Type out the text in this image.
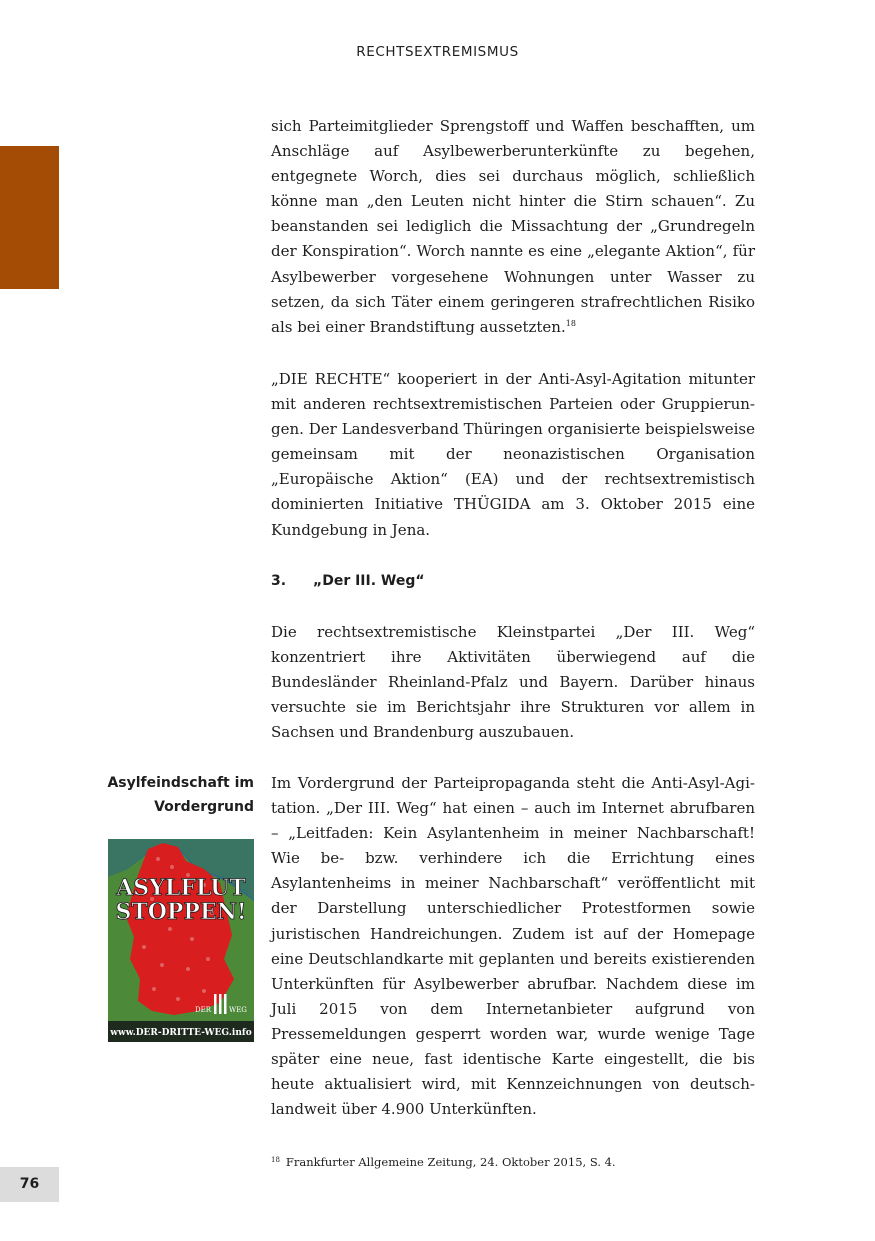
RECHTSEXTREMISMUS

sich Parteimitglieder Sprengstoff und Waffen beschafften, um Anschläge auf Asylbewerberunterkünfte zu begehen, entgegnete Worch, dies sei durchaus möglich, schließlich könne man „den Leuten nicht hinter die Stirn schauen“. Zu beanstanden sei lediglich die Missachtung der „Grundregeln der Konspiration“. Worch nannte es eine „elegante Aktion“, für Asylbewerber vorgesehene Wohnungen unter Wasser zu setzen, da sich Täter einem geringeren strafrechtlichen Risiko als bei einer Brandstiftung aussetzten.$^{18}$

„DIE RECHTE“ kooperiert in der Anti-Asyl-Agitation mitunter mit anderen rechtsextremistischen Parteien oder Gruppierungen. Der Landesverband Thüringen organisierte beispielsweise gemeinsam mit der neonazistischen Organisation „Europäische Aktion“ (EA) und der rechtsextremistisch dominierten Initiative THÜGIDA am 3. Oktober 2015 eine Kundgebung in Jena.

3. „Der III. Weg“

Die rechtsextremistische Kleinstpartei „Der III. Weg“ konzentriert ihre Aktivitäten überwiegend auf die Bundesländer Rheinland-Pfalz und Bayern. Darüber hinaus versuchte sie im Berichtsjahr ihre Strukturen vor allem in Sachsen und Brandenburg auszubauen.

Asylfeindschaft im
Vordergrund

Im Vordergrund der Parteipropaganda steht die Anti-Asyl-Agitation. „Der III. Weg“ hat einen – auch im Internet abrufbaren – „Leitfaden: Kein Asylantenheim in meiner Nachbarschaft! Wie be- bzw. verhindere ich die Errichtung eines Asylantenheims in meiner Nachbarschaft“ veröffentlicht mit der Darstellung unterschiedlicher Protestformen sowie juristischen Handreichungen. Zudem ist auf der Homepage eine Deutschlandkarte mit geplanten und bereits existierenden Unterkünften für Asylbewerber abrufbar. Nachdem diese im Juli 2015 von dem Internetanbieter aufgrund von Pressemeldungen gesperrt worden war, wurde wenige Tage später eine neue, fast identische Karte eingestellt, die bis heute aktualisiert wird, mit Kennzeichnungen von deutschlandweit über 4.900 Unterkünften.

ASYLFLUT
STOPPEN!
DER	WEG
www.DER-DRITTE-WEG.info
$^{18}$ Frankfurter Allgemeine Zeitung, 24. Oktober 2015, S. 4.
76
